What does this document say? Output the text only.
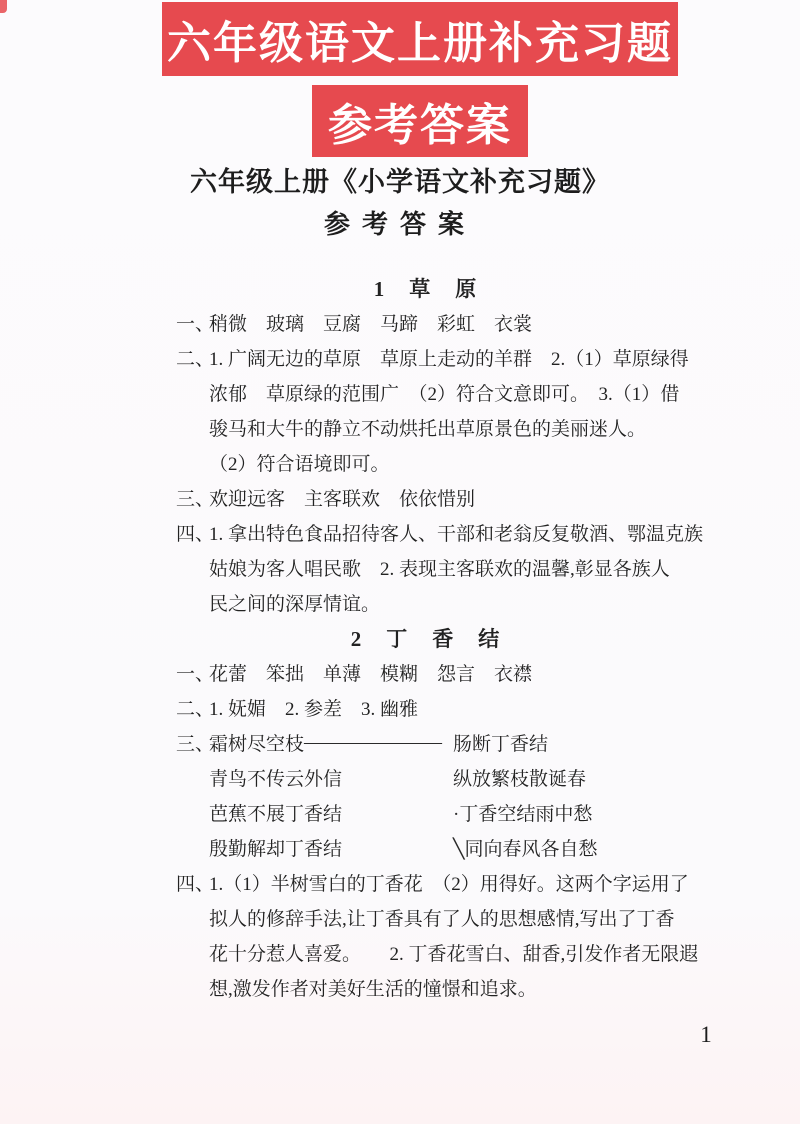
六年级语文上册补充习题
参考答案
六年级上册《小学语文补充习题》
参考答案
1　草　原
一、稍微　玻璃　豆腐　马蹄　彩虹　衣裳
二、1. 广阔无边的草原　草原上走动的羊群　2.（1）草原绿得
浓郁　草原绿的范围广　（2）符合文意即可。　3.（1）借
骏马和大牛的静立不动烘托出草原景色的美丽迷人。
（2）符合语境即可。
三、欢迎远客　主客联欢　依依惜别
四、1. 拿出特色食品招待客人、干部和老翁反复敬酒、鄂温克族
姑娘为客人唱民歌　2. 表现主客联欢的温馨,彰显各族人
民之间的深厚情谊。
2　丁　香　结
一、花蕾　笨拙　单薄　模糊　怨言　衣襟
二、1. 妩媚　2. 参差　3. 幽雅
三、
霜树尽空枝 ———————— 肠断丁香结
青鸟不传云外信	纵放繁枝散诞春
芭蕉不展丁香结	·丁香空结雨中愁
殷勤解却丁香结	╲同向春风各自愁
四、1.（1）半树雪白的丁香花　（2）用得好。这两个字运用了
拟人的修辞手法,让丁香具有了人的思想感情,写出了丁香
花十分惹人喜爱。　　2. 丁香花雪白、甜香,引发作者无限遐
想,激发作者对美好生活的憧憬和追求。
1
